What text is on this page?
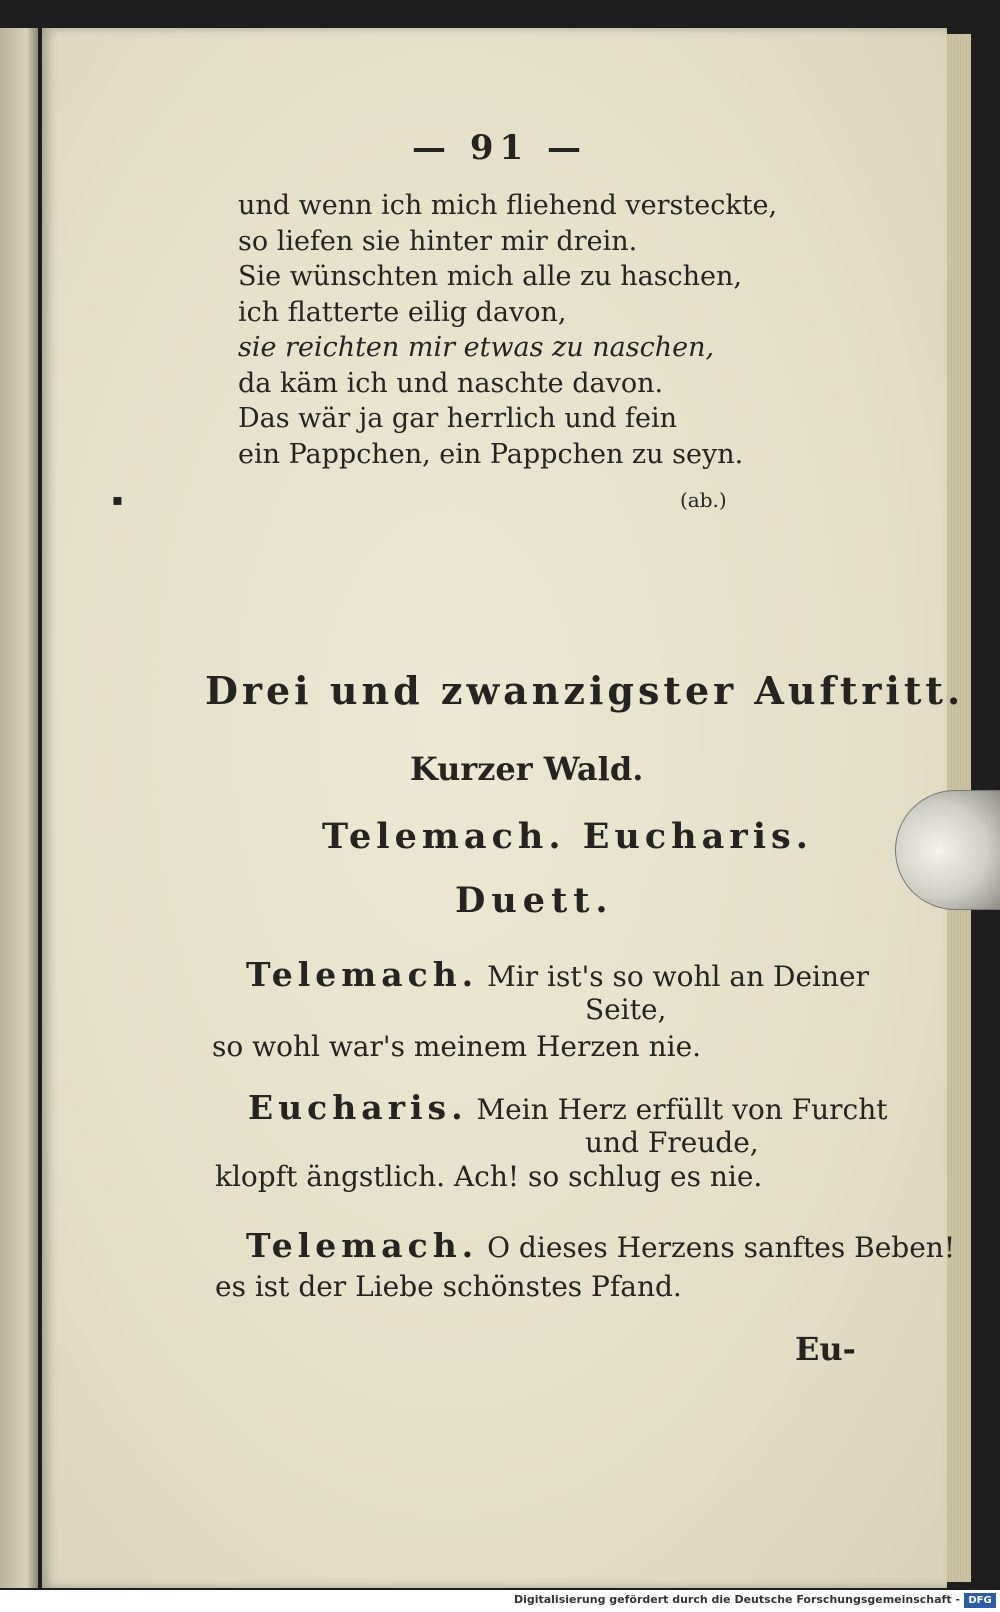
— 91 —
und wenn ich mich fliehend versteckte,
so liefen sie hinter mir drein.
Sie wünschten mich alle zu haschen,
ich flatterte eilig davon,
sie reichten mir etwas zu naschen,
da käm ich und naschte davon.
Das wär ja gar herrlich und fein
ein Pappchen, ein Pappchen zu seyn.
▪	(ab.)
Drei und zwanzigster Auftritt.
Kurzer Wald.
Telemach. Eucharis.
Duett.
Telemach. Mir ist's so wohl an Deiner
Seite,
so wohl war's meinem Herzen nie.
Eucharis. Mein Herz erfüllt von Furcht
und Freude,
klopft ängstlich. Ach! so schlug es nie.
Telemach. O dieses Herzens sanftes Beben!
es ist der Liebe schönstes Pfand.
Eu-
Digitalisierung gefördert durch die Deutsche Forschungsgemeinschaft - DFG
